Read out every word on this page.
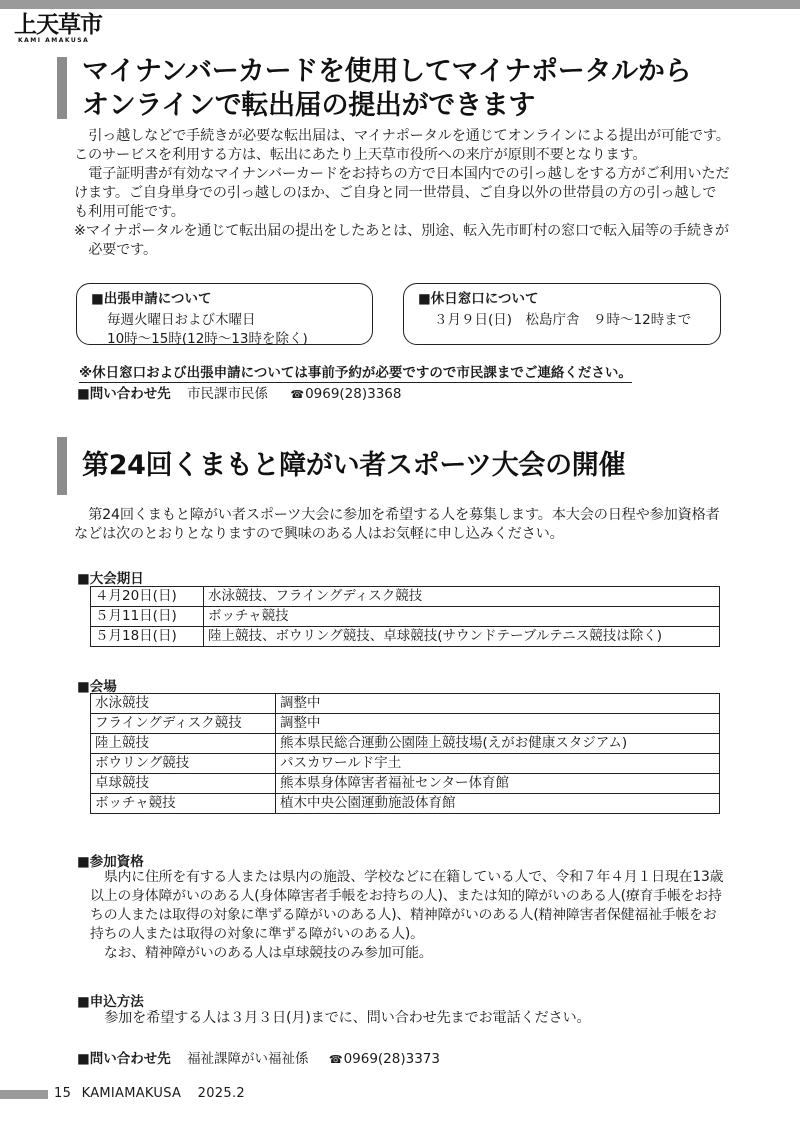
上天草市
KAMI AMAKUSA
マイナンバーカードを使用してマイナポータルから
オンラインで転出届の提出ができます

引っ越しなどで手続きが必要な転出届は、マイナポータルを通じてオンラインによる提出が可能です。このサービスを利用する方は、転出にあたり上天草市役所への来庁が原則不要となります。

電子証明書が有効なマイナンバーカードをお持ちの方で日本国内での引っ越しをする方がご利用いただけます。ご自身単身での引っ越しのほか、ご自身と同一世帯員、ご自身以外の世帯員の方の引っ越しでも利用可能です。

※マイナポータルを通じて転出届の提出をしたあとは、別途、転入先市町村の窓口で転入届等の手続きが必要です。

■出張申請について
毎週火曜日および木曜日
10時～15時(12時～13時を除く)
■休日窓口について
３月９日(日)　松島庁舎　９時～12時まで
※休日窓口および出張申請については事前予約が必要ですので市民課までご連絡ください。
■問い合わせ先 市民課市民係 ☎0969(28)3368
第24回くまもと障がい者スポーツ大会の開催

第24回くまもと障がい者スポーツ大会に参加を希望する人を募集します。本大会の日程や参加資格者などは次のとおりとなりますので興味のある人はお気軽に申し込みください。

■大会期日
４月20日(日)	水泳競技、フライングディスク競技
５月11日(日)	ボッチャ競技
５月18日(日)	陸上競技、ボウリング競技、卓球競技(サウンドテーブルテニス競技は除く)
■会場
水泳競技	調整中
フライングディスク競技	調整中
陸上競技	熊本県民総合運動公園陸上競技場(えがお健康スタジアム)
ボウリング競技	パスカワールド宇土
卓球競技	熊本県身体障害者福祉センター体育館
ボッチャ競技	植木中央公園運動施設体育館
■参加資格

県内に住所を有する人または県内の施設、学校などに在籍している人で、令和７年４月１日現在13歳以上の身体障がいのある人(身体障害者手帳をお持ちの人)、または知的障がいのある人(療育手帳をお持ちの人または取得の対象に準ずる障がいのある人)、精神障がいのある人(精神障害者保健福祉手帳をお持ちの人または取得の対象に準ずる障がいのある人)。

なお、精神障がいのある人は卓球競技のみ参加可能。

■申込方法

参加を希望する人は３月３日(月)までに、問い合わせ先までお電話ください。

■問い合わせ先 福祉課障がい福祉係 ☎0969(28)3373
15 KAMIAMAKUSA 2025.2
